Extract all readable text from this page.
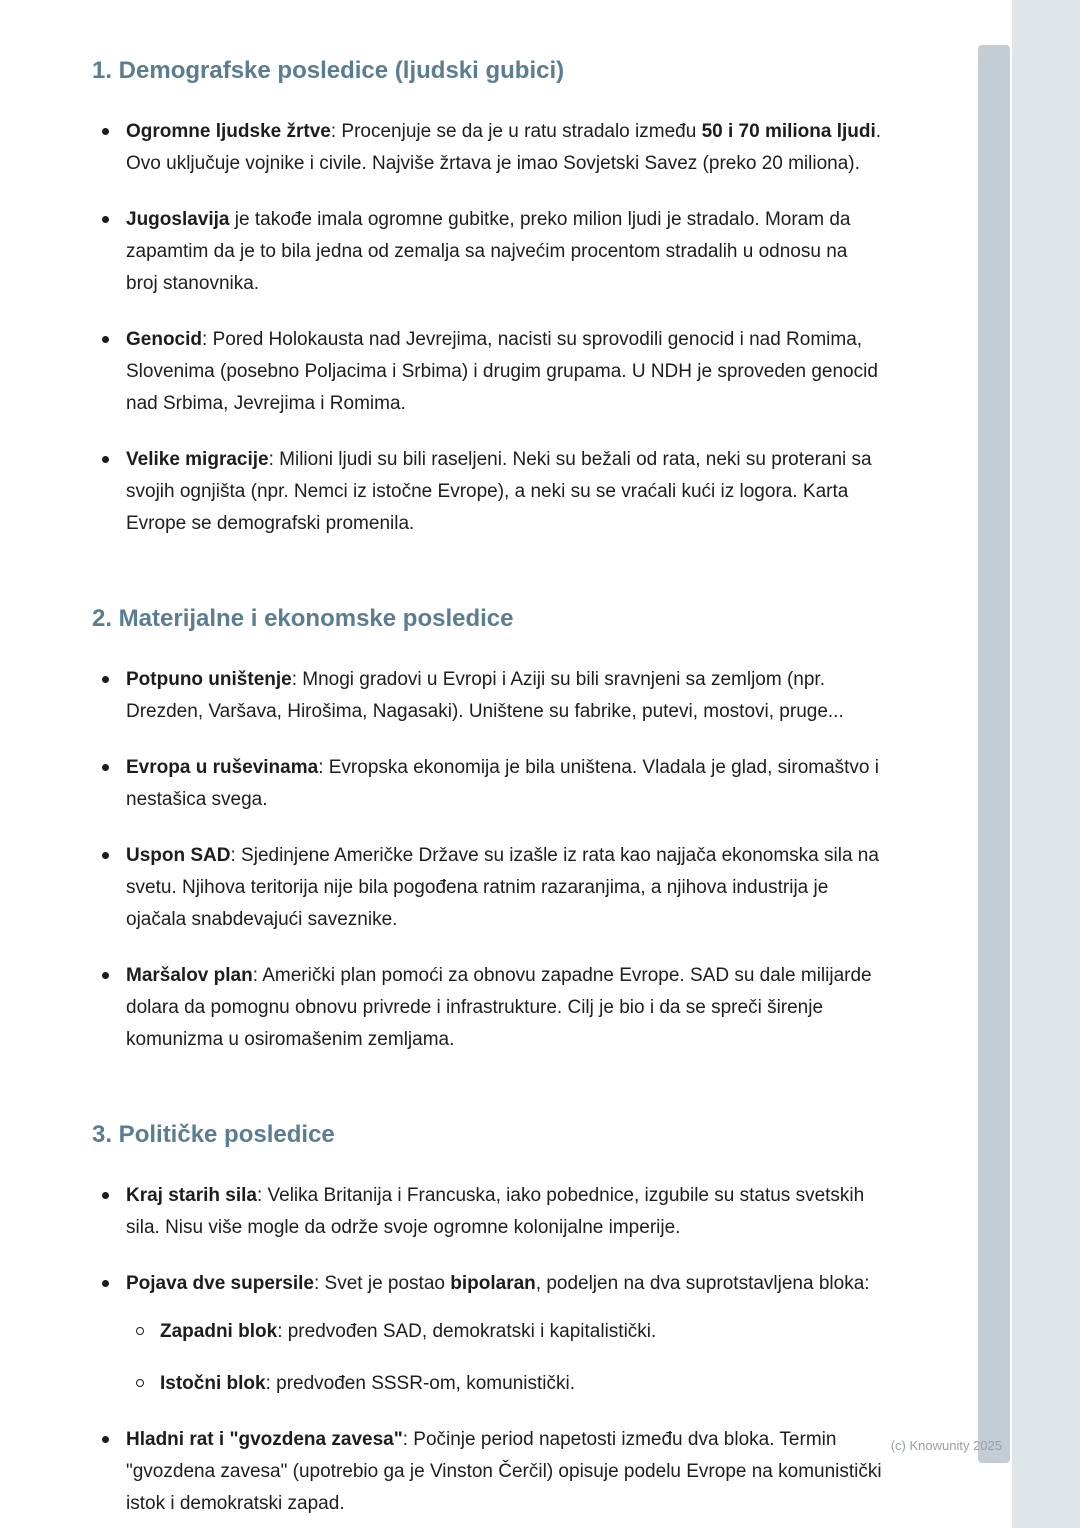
1. Demografske posledice (ljudski gubici)
Ogromne ljudske žrtve: Procenjuje se da je u ratu stradalo između 50 i 70 miliona ljudi. Ovo uključuje vojnike i civile. Najviše žrtava je imao Sovjetski Savez (preko 20 miliona).
Jugoslavija je takođe imala ogromne gubitke, preko milion ljudi je stradalo. Moram da zapamtim da je to bila jedna od zemalja sa najvećim procentom stradalih u odnosu na broj stanovnika.
Genocid: Pored Holokausta nad Jevrejima, nacisti su sprovodili genocid i nad Romima, Slovenima (posebno Poljacima i Srbima) i drugim grupama. U NDH je sproveden genocid nad Srbima, Jevrejima i Romima.
Velike migracije: Milioni ljudi su bili raseljeni. Neki su bežali od rata, neki su proterani sa svojih ognjišta (npr. Nemci iz istočne Evrope), a neki su se vraćali kući iz logora. Karta Evrope se demografski promenila.
2. Materijalne i ekonomske posledice
Potpuno uništenje: Mnogi gradovi u Evropi i Aziji su bili sravnjeni sa zemljom (npr. Drezden, Varšava, Hirošima, Nagasaki). Uništene su fabrike, putevi, mostovi, pruge...
Evropa u ruševinama: Evropska ekonomija je bila uništena. Vladala je glad, siromaštvo i nestašica svega.
Uspon SAD: Sjedinjene Američke Države su izašle iz rata kao najjača ekonomska sila na svetu. Njihova teritorija nije bila pogođena ratnim razaranjima, a njihova industrija je ojačala snabdevajući saveznike.
Maršalov plan: Američki plan pomoći za obnovu zapadne Evrope. SAD su dale milijarde dolara da pomognu obnovu privrede i infrastrukture. Cilj je bio i da se spreči širenje komunizma u osiromašenim zemljama.
3. Političke posledice
Kraj starih sila: Velika Britanija i Francuska, iako pobednice, izgubile su status svetskih sila. Nisu više mogle da održe svoje ogromne kolonijalne imperije.
Pojava dve supersile: Svet je postao bipolaran, podeljen na dva suprotstavljena bloka:
Zapadni blok: predvođen SAD, demokratski i kapitalistički.
Istočni blok: predvođen SSSR-om, komunistički.
Hladni rat i "gvozdena zavesa": Počinje period napetosti između dva bloka. Termin "gvozdena zavesa" (upotrebio ga je Vinston Čerčil) opisuje podelu Evrope na komunistički istok i demokratski zapad.
(c) Knowunity 2025
